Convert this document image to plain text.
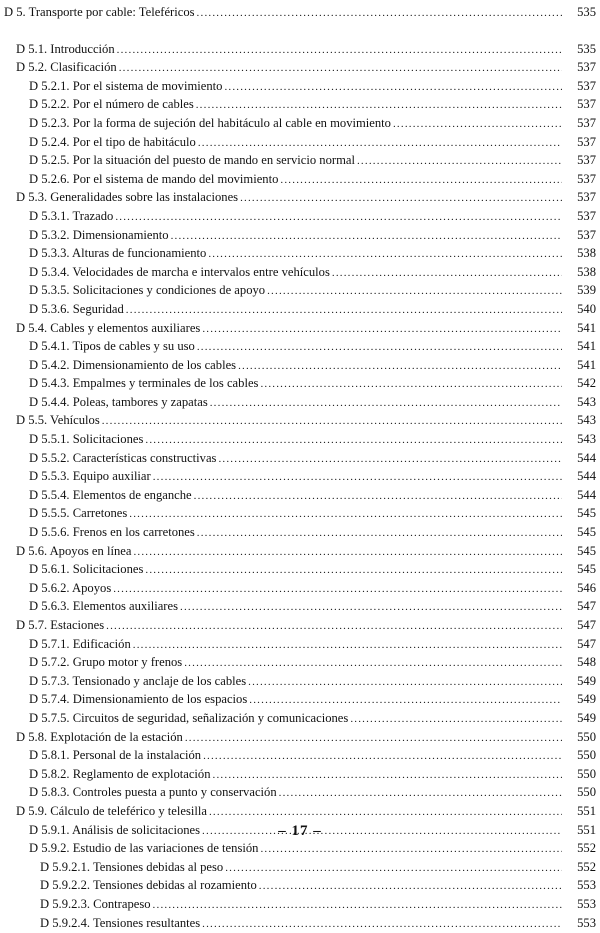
D 5. Transporte por cable: Teleféricos .....	535
D 5.1. Introducción .....	535
D 5.2. Clasificación .....	537
D 5.2.1. Por el sistema de movimiento .....	537
D 5.2.2. Por el número de cables .....	537
D 5.2.3. Por la forma de sujeción del habitáculo al cable en movimiento .....	537
D 5.2.4. Por el tipo de habitáculo .....	537
D 5.2.5. Por la situación del puesto de mando en servicio normal .....	537
D 5.2.6. Por el sistema de mando del movimiento .....	537
D 5.3. Generalidades sobre las instalaciones .....	537
D 5.3.1. Trazado .....	537
D 5.3.2. Dimensionamiento .....	537
D 5.3.3. Alturas de funcionamiento .....	538
D 5.3.4. Velocidades de marcha e intervalos entre vehículos .....	538
D 5.3.5. Solicitaciones y condiciones de apoyo .....	539
D 5.3.6. Seguridad .....	540
D 5.4. Cables y elementos auxiliares .....	541
D 5.4.1. Tipos de cables y su uso .....	541
D 5.4.2. Dimensionamiento de los cables .....	541
D 5.4.3. Empalmes y terminales de los cables .....	542
D 5.4.4. Poleas, tambores y zapatas .....	543
D 5.5. Vehículos .....	543
D 5.5.1. Solicitaciones .....	543
D 5.5.2. Características constructivas .....	544
D 5.5.3. Equipo auxiliar .....	544
D 5.5.4. Elementos de enganche .....	544
D 5.5.5. Carretones .....	545
D 5.5.6. Frenos en los carretones .....	545
D 5.6. Apoyos en línea .....	545
D 5.6.1. Solicitaciones .....	545
D 5.6.2. Apoyos .....	546
D 5.6.3. Elementos auxiliares .....	547
D 5.7. Estaciones .....	547
D 5.7.1. Edificación .....	547
D 5.7.2. Grupo motor y frenos .....	548
D 5.7.3. Tensionado y anclaje de los cables .....	549
D 5.7.4. Dimensionamiento de los espacios .....	549
D 5.7.5. Circuitos de seguridad, señalización y comunicaciones .....	549
D 5.8. Explotación de la estación .....	550
D 5.8.1. Personal de la instalación .....	550
D 5.8.2. Reglamento de explotación .....	550
D 5.8.3. Controles puesta a punto y conservación .....	550
D 5.9. Cálculo de teleférico y telesilla .....	551
D 5.9.1. Análisis de solicitaciones .....	551
D 5.9.2. Estudio de las variaciones de tensión .....	552
D 5.9.2.1. Tensiones debidas al peso .....	552
D 5.9.2.2. Tensiones debidas al rozamiento .....	553
D 5.9.2.3. Contrapeso .....	553
D 5.9.2.4. Tensiones resultantes .....	553
– 17 –
